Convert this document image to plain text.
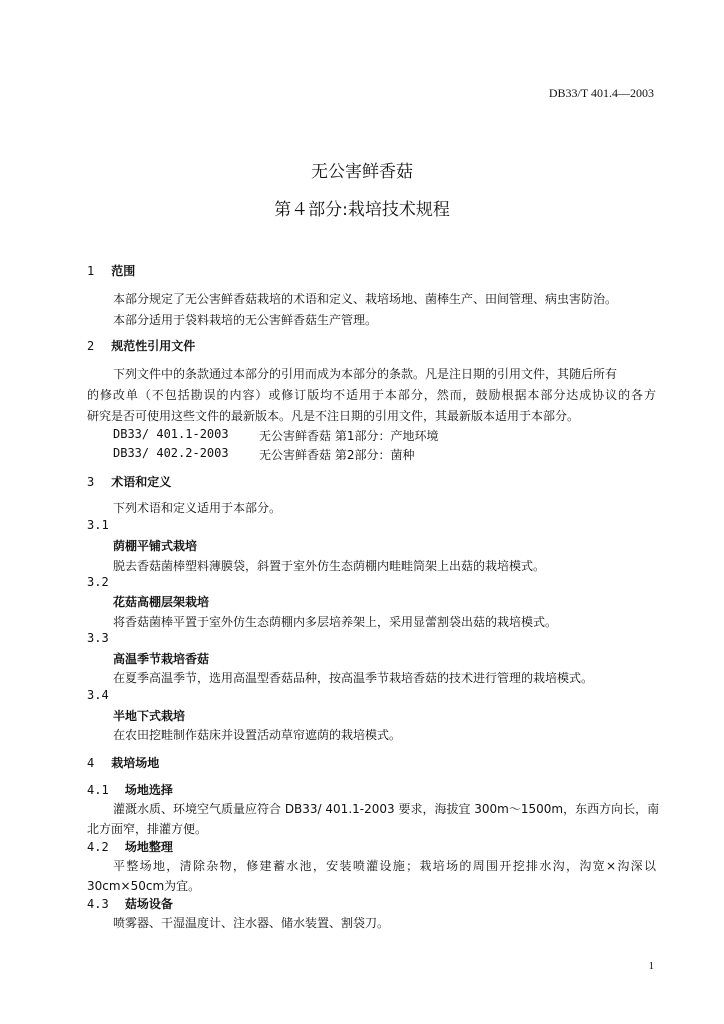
DB33/T 401.4—2003
无公害鲜香菇
第４部分:栽培技术规程
1 范围
本部分规定了无公害鲜香菇栽培的术语和定义、栽培场地、菌棒生产、田间管理、病虫害防治。
本部分适用于袋料栽培的无公害鲜香菇生产管理。
2 规范性引用文件
下列文件中的条款通过本部分的引用而成为本部分的条款。凡是注日期的引用文件，其随后所有
的修改单（不包括勘误的内容）或修订版均不适用于本部分，然而，鼓励根据本部分达成协议的各方
研究是否可使用这些文件的最新版本。凡是不注日期的引用文件，其最新版本适用于本部分。
DB33/ 401.1-2003	无公害鲜香菇 第1部分：产地环境
DB33/ 402.2-2003	无公害鲜香菇 第2部分：菌种
3 术语和定义
下列术语和定义适用于本部分。
3.1
荫棚平铺式栽培
脱去香菇菌棒塑料薄膜袋，斜置于室外仿生态荫棚内畦畦筒架上出菇的栽培模式。
3.2
花菇高棚层架栽培
将香菇菌棒平置于室外仿生态荫棚内多层培养架上，采用显蕾割袋出菇的栽培模式。
3.3
高温季节栽培香菇
在夏季高温季节，选用高温型香菇品种，按高温季节栽培香菇的技术进行管理的栽培模式。
3.4
半地下式栽培
在农田挖畦制作菇床并设置活动草帘遮荫的栽培模式。
4 栽培场地
4.1 场地选择
灌溉水质、环境空气质量应符合 DB33/ 401.1-2003 要求，海拔宜 300m～1500m，东西方向长，南
北方面窄，排灌方便。
4.2 场地整理
平整场地，清除杂物，修建蓄水池，安装喷灌设施；栽培场的周围开挖排水沟，沟宽×沟深以
30cm×50cm为宜。
4.3 菇场设备
喷雾器、干湿温度计、注水器、储水装置、割袋刀。
1
